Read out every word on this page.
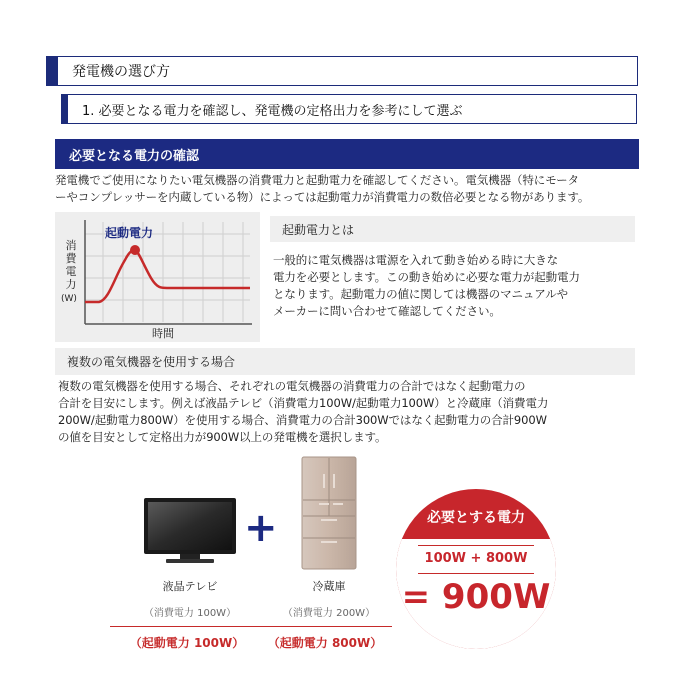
発電機の選び方
1. 必要となる電力を確認し、発電機の定格出力を参考にして選ぶ
必要となる電力の確認
発電機でご使用になりたい電気機器の消費電力と起動電力を確認してください。電気機器（特にモータ
ーやコンプレッサーを内蔵している物）によっては起動電力が消費電力の数倍必要となる物があります。
起動電力
消
費
電
力
(W)
時間
起動電力とは
一般的に電気機器は電源を入れて動き始める時に大きな
電力を必要とします。この動き始めに必要な電力が起動電力
となります。起動電力の値に関しては機器のマニュアルや
メーカーに問い合わせて確認してください。
複数の電気機器を使用する場合
複数の電気機器を使用する場合、それぞれの電気機器の消費電力の合計ではなく起動電力の
合計を目安にします。例えば液晶テレビ（消費電力100W/起動電力100W）と冷蔵庫（消費電力
200W/起動電力800W）を使用する場合、消費電力の合計300Wではなく起動電力の合計900W
の値を目安として定格出力が900W以上の発電機を選択します。
+
液晶テレビ
（消費電力 100W）
（起動電力 100W）
冷蔵庫
（消費電力 200W）
（起動電力 800W）
必要とする電力
100W + 800W
= 900W
